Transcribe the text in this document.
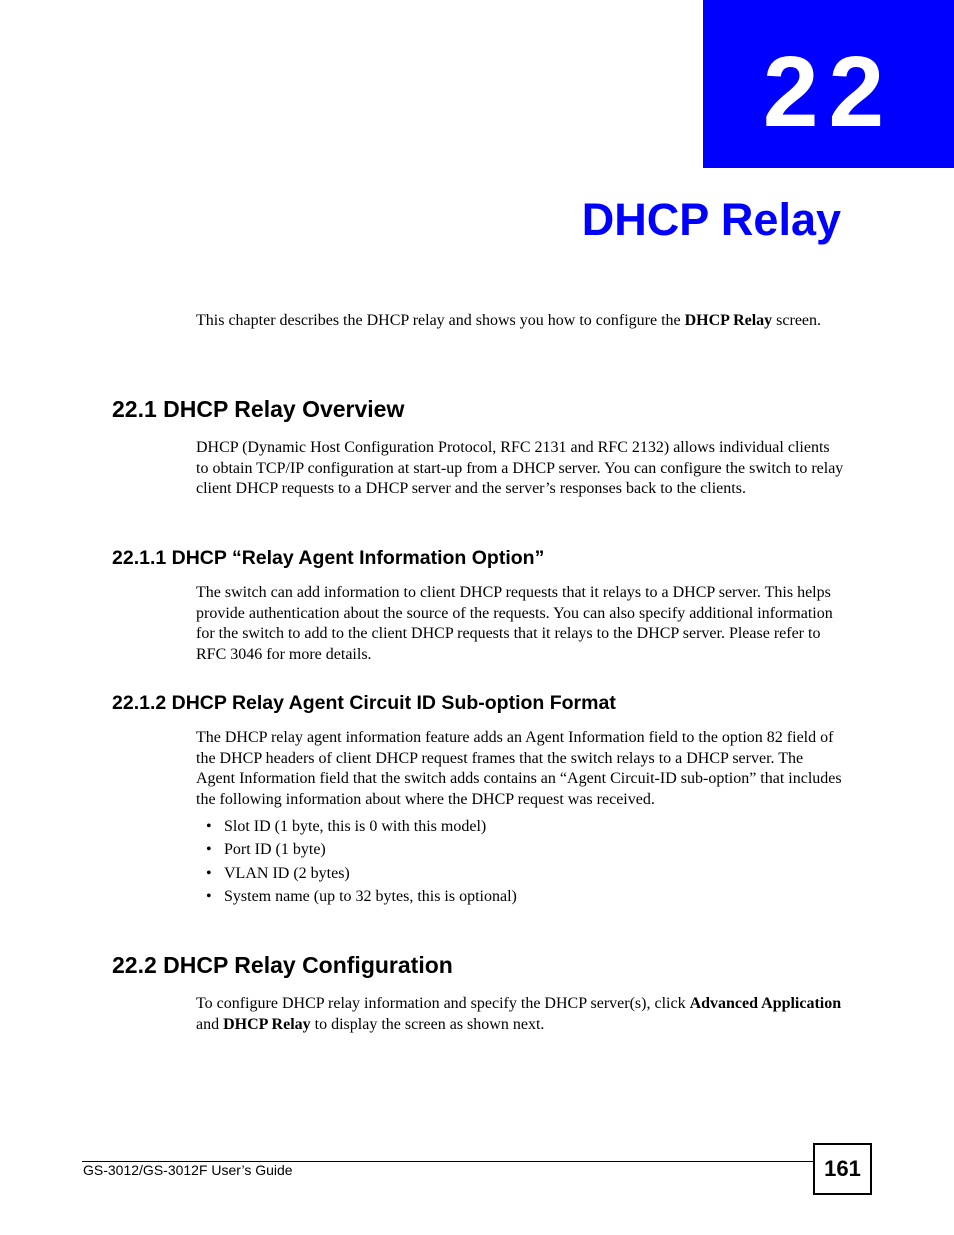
22
DHCP Relay

This chapter describes the DHCP relay and shows you how to configure the DHCP Relay screen.

22.1 DHCP Relay Overview

DHCP (Dynamic Host Configuration Protocol, RFC 2131 and RFC 2132) allows individual clients to obtain TCP/IP configuration at start-up from a DHCP server. You can configure the switch to relay client DHCP requests to a DHCP server and the server’s responses back to the clients.

22.1.1 DHCP “Relay Agent Information Option”

The switch can add information to client DHCP requests that it relays to a DHCP server. This helps provide authentication about the source of the requests. You can also specify additional information for the switch to add to the client DHCP requests that it relays to the DHCP server. Please refer to RFC 3046 for more details.

22.1.2 DHCP Relay Agent Circuit ID Sub-option Format

The DHCP relay agent information feature adds an Agent Information field to the option 82 field of the DHCP headers of client DHCP request frames that the switch relays to a DHCP server. The Agent Information field that the switch adds contains an “Agent Circuit-ID sub-option” that includes the following information about where the DHCP request was received.

• Slot ID (1 byte, this is 0 with this model)
• Port ID (1 byte)
• VLAN ID (2 bytes)
• System name (up to 32 bytes, this is optional)
22.2 DHCP Relay Configuration

To configure DHCP relay information and specify the DHCP server(s), click Advanced Application and DHCP Relay to display the screen as shown next.

GS-3012/GS-3012F User’s Guide	161
